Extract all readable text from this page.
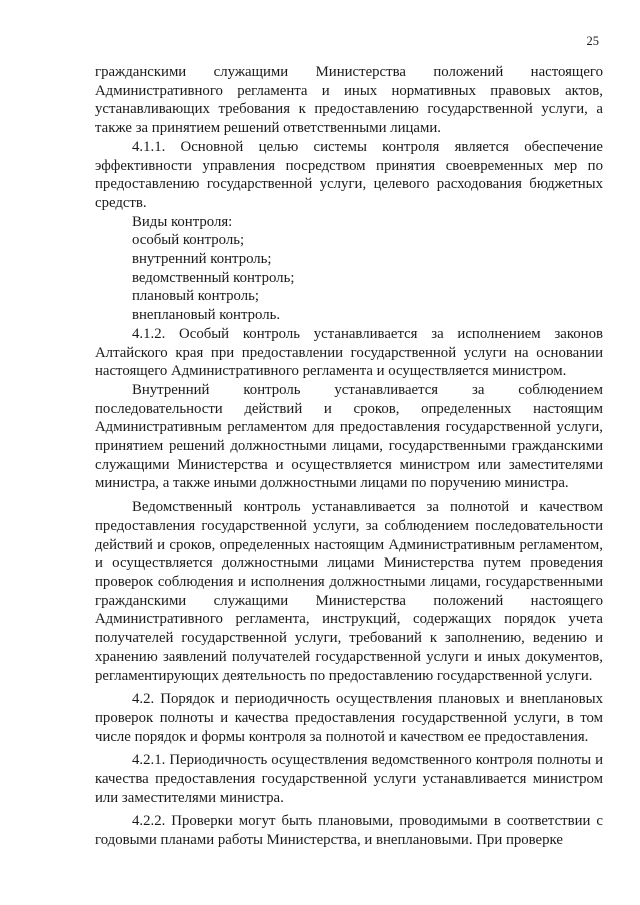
25

гражданскими служащими Министерства положений настоящего Административного регламента и иных нормативных правовых актов, устанавливающих требования к предоставлению государственной услуги, а также за принятием решений ответственными лицами.

4.1.1. Основной целью системы контроля является обеспечение эффективности управления посредством принятия своевременных мер по предоставлению государственной услуги, целевого расходования бюджетных средств.

Виды контроля:

особый контроль;

внутренний контроль;

ведомственный контроль;

плановый контроль;

внеплановый контроль.

4.1.2. Особый контроль устанавливается за исполнением законов Алтайского края при предоставлении государственной услуги на основании настоящего Административного регламента и осуществляется министром.

Внутренний контроль устанавливается за соблюдением последовательности действий и сроков, определенных настоящим Административным регламентом для предоставления государственной услуги, принятием решений должностными лицами, государственными гражданскими служащими Министерства и осуществляется министром или заместителями министра, а также иными должностными лицами по поручению министра.

Ведомственный контроль устанавливается за полнотой и качеством предоставления государственной услуги, за соблюдением последовательности действий и сроков, определенных настоящим Административным регламентом, и осуществляется должностными лицами Министерства путем проведения проверок соблюдения и исполнения должностными лицами, государственными гражданскими служащими Министерства положений настоящего Административного регламента, инструкций, содержащих порядок учета получателей государственной услуги, требований к заполнению, ведению и хранению заявлений получателей государственной услуги и иных документов, регламентирующих деятельность по предоставлению государственной услуги.

4.2. Порядок и периодичность осуществления плановых и внеплановых проверок полноты и качества предоставления государственной услуги, в том числе порядок и формы контроля за полнотой и качеством ее предоставления.

4.2.1. Периодичность осуществления ведомственного контроля полноты и качества предоставления государственной услуги устанавливается министром или заместителями министра.

4.2.2. Проверки могут быть плановыми, проводимыми в соответствии с годовыми планами работы Министерства, и внеплановыми. При проверке
